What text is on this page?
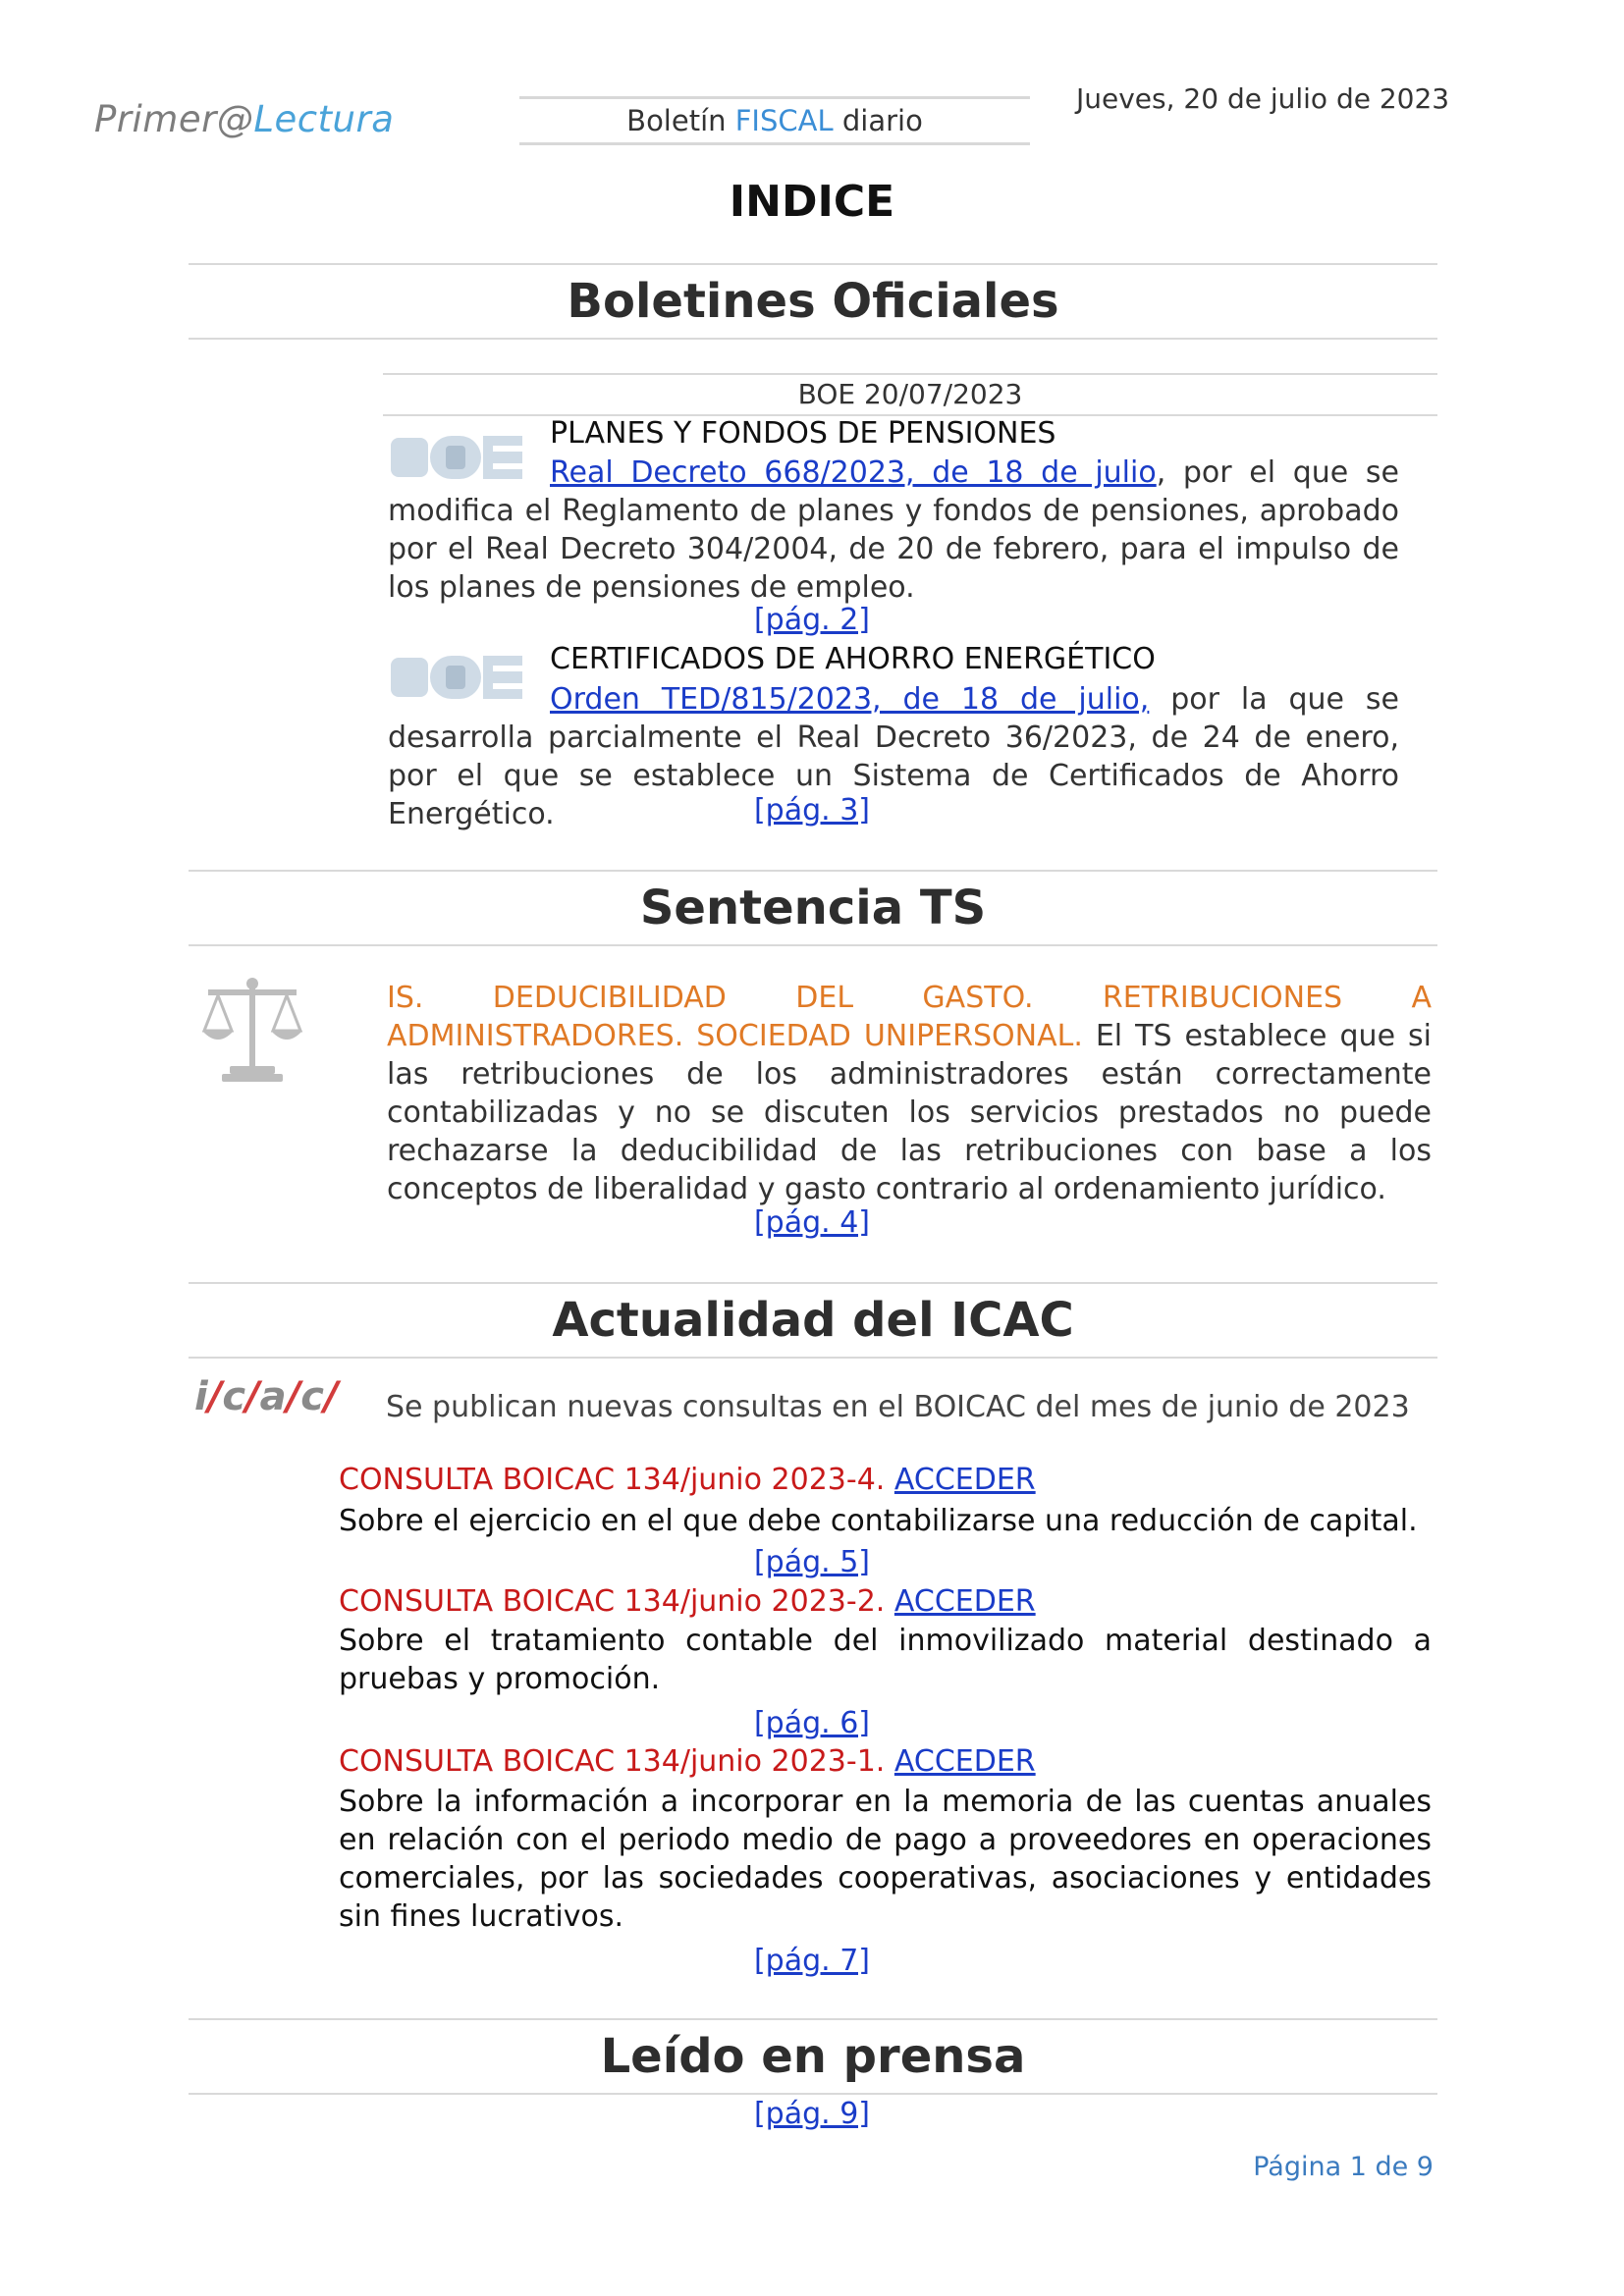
Primer@Lectura	Boletín FISCAL diario
Jueves, 20 de julio de 2023
INDICE
Boletines Oficiales
BOE 20/07/2023
PLANES Y FONDOS DE PENSIONES
Real Decreto 668/2023, de 18 de julio, por el que se modifica el Reglamento de planes y fondos de pensiones, aprobado por el Real Decreto 304/2004, de 20 de febrero, para el impulso de los planes de pensiones de empleo.
[pág. 2]
CERTIFICADOS DE AHORRO ENERGÉTICO
Orden TED/815/2023, de 18 de julio, por la que se desarrolla parcialmente el Real Decreto 36/2023, de 24 de enero, por el que se establece un Sistema de Certificados de Ahorro Energético.	[pág. 3]
Sentencia TS
IS. DEDUCIBILIDAD DEL GASTO. RETRIBUCIONES A ADMINISTRADORES. SOCIEDAD UNIPERSONAL. El TS establece que si las retribuciones de los administradores están correctamente contabilizadas y no se discuten los servicios prestados no puede rechazarse la deducibilidad de las retribuciones con base a los conceptos de liberalidad y gasto contrario al ordenamiento jurídico.
[pág. 4]
Actualidad del ICAC
i/c/a/c/ Se publican nuevas consultas en el BOICAC del mes de junio de 2023
CONSULTA BOICAC 134/junio 2023-4. ACCEDER
Sobre el ejercicio en el que debe contabilizarse una reducción de capital.
[pág. 5]
CONSULTA BOICAC 134/junio 2023-2. ACCEDER
Sobre el tratamiento contable del inmovilizado material destinado a pruebas y promoción.
[pág. 6]
CONSULTA BOICAC 134/junio 2023-1. ACCEDER
Sobre la información a incorporar en la memoria de las cuentas anuales en relación con el periodo medio de pago a proveedores en operaciones comerciales, por las sociedades cooperativas, asociaciones y entidades sin fines lucrativos.
[pág. 7]
Leído en prensa
[pág. 9]
Página 1 de 9
